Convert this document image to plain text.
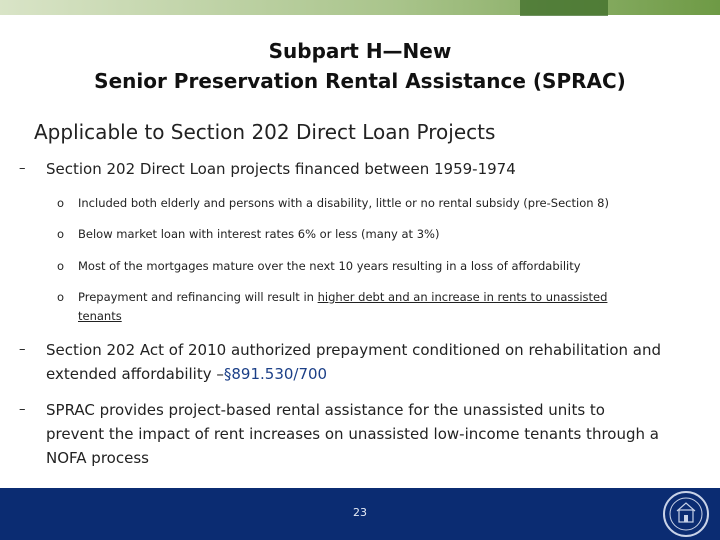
Subpart H—New
Senior Preservation Rental Assistance (SPRAC)
Applicable to Section 202 Direct Loan Projects
– Section 202 Direct Loan projects financed between 1959-1974
o Included both elderly and persons with a disability, little or no rental subsidy (pre-Section 8)
o Below market loan with interest rates 6% or less (many at 3%)
o Most of the mortgages mature over the next 10 years resulting in a loss of affordability
o Prepayment and refinancing will result in higher debt and an increase in rents to unassisted
tenants
– Section 202 Act of 2010 authorized prepayment conditioned on rehabilitation and
extended affordability –§891.530/700
– SPRAC provides project-based rental assistance for the unassisted units to
prevent the impact of rent increases on unassisted low-income tenants through a
NOFA process
23
